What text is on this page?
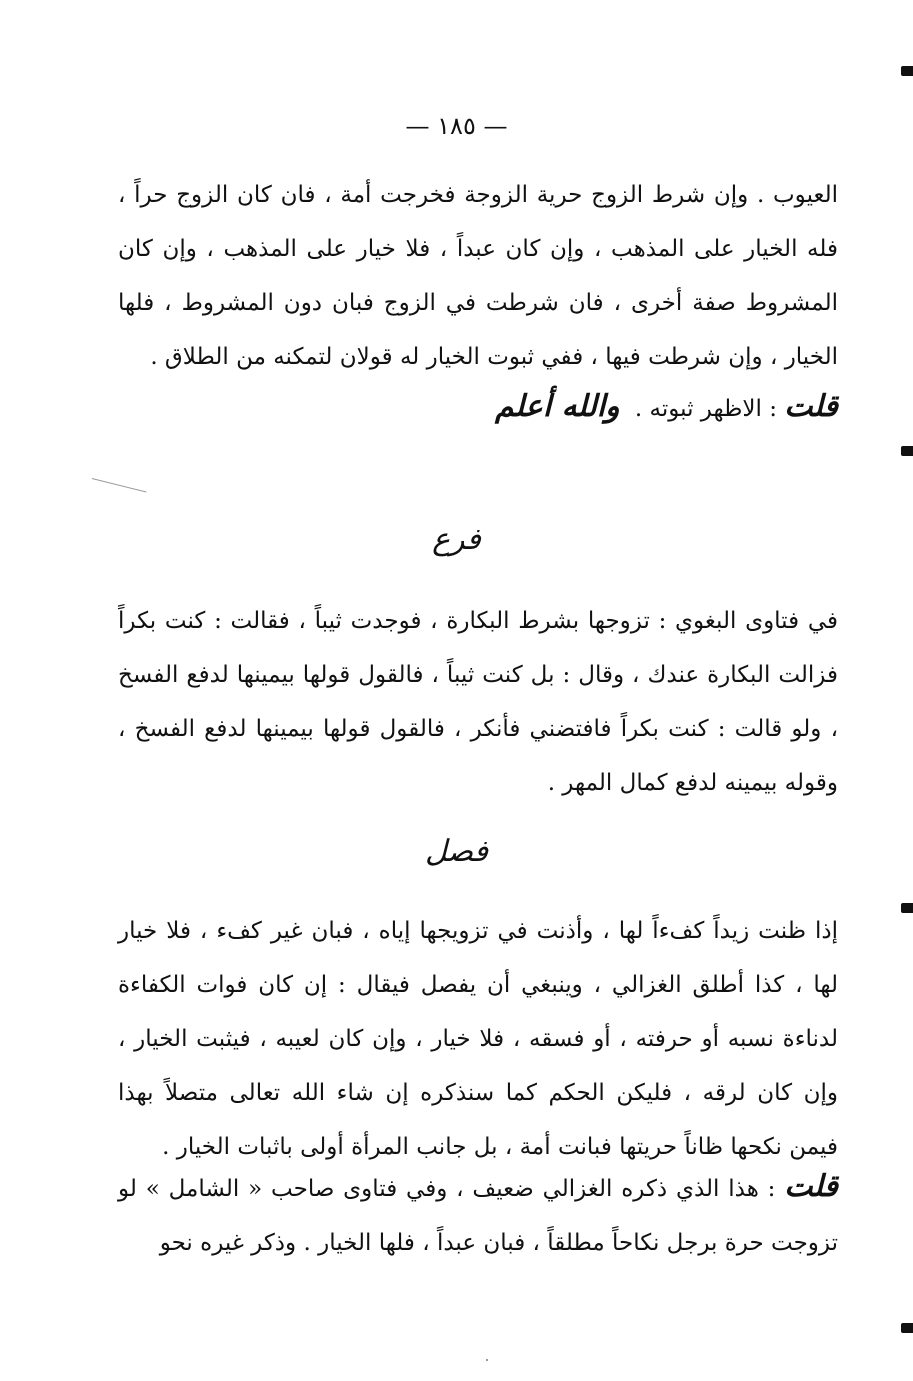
— ١٨٥ —

العيوب . وإن شرط الزوج حرية الزوجة فخرجت أمة ، فان كان الزوج حراً ، فله الخيار على المذهب ، وإن كان عبداً ، فلا خيار على المذهب ، وإن كان المشروط صفة أخرى ، فان شرطت في الزوج فبان دون المشروط ، فلها الخيار ، وإن شرطت فيها ، ففي ثبوت الخيار له قولان لتمكنه من الطلاق .

قلت : الاظهر ثبوته . والله أعلم

فرع

في فتاوى البغوي : تزوجها بشرط البكارة ، فوجدت ثيباً ، فقالت : كنت بكراً فزالت البكارة عندك ، وقال : بل كنت ثيباً ، فالقول قولها بيمينها لدفع الفسخ ، ولو قالت : كنت بكراً فافتضني فأنكر ، فالقول قولها بيمينها لدفع الفسخ ، وقوله بيمينه لدفع كمال المهر .

فصل

إذا ظنت زيداً كفءاً لها ، وأذنت في تزويجها إياه ، فبان غير كفء ، فلا خيار لها ، كذا أطلق الغزالي ، وينبغي أن يفصل فيقال : إن كان فوات الكفاءة لدناءة نسبه أو حرفته ، أو فسقه ، فلا خيار ، وإن كان لعيبه ، فيثبت الخيار ، وإن كان لرقه ، فليكن الحكم كما سنذكره إن شاء الله تعالى متصلاً بهذا فيمن نكحها ظاناً حريتها فبانت أمة ، بل جانب المرأة أولى باثبات الخيار .

قلت : هذا الذي ذكره الغزالي ضعيف ، وفي فتاوى صاحب « الشامل » لو تزوجت حرة برجل نكاحاً مطلقاً ، فبان عبداً ، فلها الخيار . وذكر غيره نحو
